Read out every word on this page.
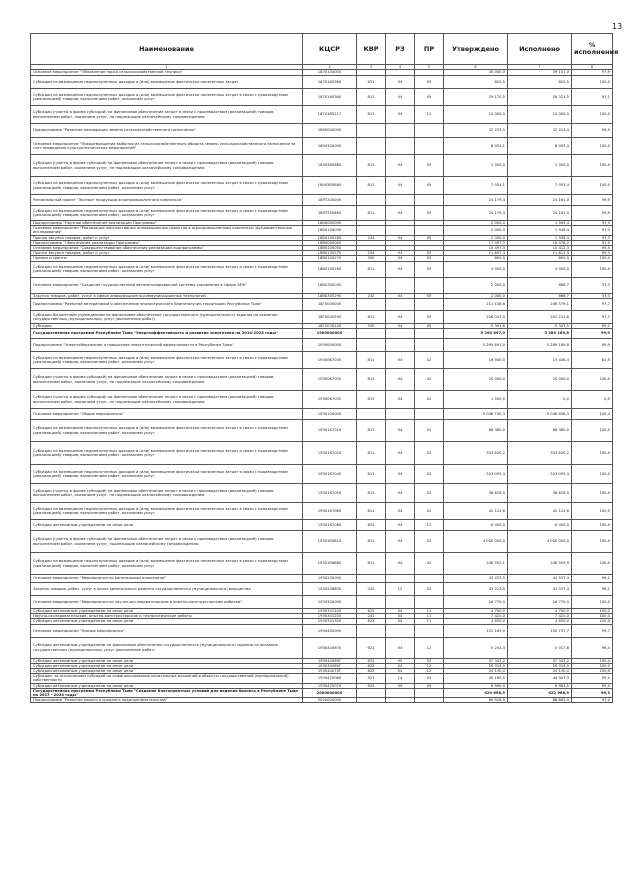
13
Наименование	КЦСР	КВР	РЗ	ПР	Утверждено	Исполнено	% исполнения
1	2	3	4	5	6	7	8
Основное мероприятие "Обновление парка сельскохозяйственной техники"	1870100000				40 000,0	39 151,0	97,9
Субсидии на возмещение недополученных доходов и (или) возмещение фактически понесенных затрат	1870160360	631	04	05	829,5	829,5	100,0
Субсидии на возмещение недополученных доходов и (или) возмещение фактически понесенных затрат в связи с производством (реализацией) товаров, выполнением работ, оказанием услуг	1870160360	811	04	05	29 170,5	28 321,5	97,1
Субсидии (гранты в форме субсидий) на финансовое обеспечение затрат в связи с производством (реализацией) товаров, выполнением работ, оказанием услуг, не подлежащие казначейскому сопровождению	18701R5217	813	04	12	10 000,0	10 000,0	100,0
Подпрограмма "Развитие мелиорации земель сельскохозяйственного назначения"	1890000000				32 233,5	32 214,4	99,9
Основное мероприятие "Предотвращение выбытия из сельскохозяйственного оборота земель сельскохозяйственного назначения за счет проведения культуртехнических мероприятий"	1890300000				8 054,1	8 053,4	100,0
Субсидии (гранты в форме субсидий) на финансовое обеспечение затрат в связи с производством (реализацией) товаров, выполнением работ, оказанием услуг, не подлежащие казначейскому сопровождению	1890365680	813	04	05	1 000,0	1 000,0	100,0
Субсидии на возмещение недополученных доходов и (или) возмещение фактически понесенных затрат в связи с производством (реализацией) товаров, выполнением работ, оказанием услуг	18903R5680	811	04	05	7 054,1	7 053,4	100,0
Региональный проект "Экспорт продукции агропромышленного комплекса"	189T200000				24 179,4	24 161,0	99,9
Субсидии на возмещение недополученных доходов и (или) возмещение фактически понесенных затрат в связи с производством (реализацией) товаров, выполнением работ, оказанием услуг	189T255680	811	04	05	24 179,4	24 161,0	99,9
Подпрограмма "Научное обеспечение реализации Программы"	18Б0000000				2 000,0	1 945,4	97,3
Основное мероприятие "Реализация перспективных инновационных проектов в агропромышленном комплексе; фундаментальные исследования"	18Б0100000				2 000,0	1 945,4	97,3
Прочая закупка товаров, работ и услуг	18Б0100280	244	04	05	2 000,0	1 945,4	97,3
Подпрограмма "Обеспечение реализации Программы"	18В0000000				17 497,3	16 078,0	91,9
Основное мероприятие "Совершенствование обеспечения реализации подпрограммы"	18В0100000				15 497,3	15 412,3	99,5
Прочая закупка товаров, работ и услуг	18В0100270	244	04	05	11 697,3	11 612,3	99,3
Премии и гранты	18В0100270	350	04	05	800,0	800,0	100,0
Субсидии на возмещение недополученных доходов и (или) возмещение фактически понесенных затрат в связи с производством (реализацией) товаров, выполнением работ, оказанием услуг	18В0100280	811	04	05	3 000,0	3 000,0	100,0
Основное мероприятие "Создание государственной автоматизированной системы управления в сфере АПК"	18В0300000				2 000,0	666,7	33,3
Закупка товаров, работ, услуг в сфере информационно-коммуникационных технологий	18В0300290	242	04	05	2 000,0	666,7	33,3
Подпрограмма "Развитие ветеринарии и обеспечение эпизоотического благополучия территории Республики Тыва"	18Г0000000				211 438,6	206 579,1	97,7
Субсидии бюджетным учреждениям на финансовое обеспечение государственного (муниципального) задания на оказание государственных (муниципальных) услуг (выполнение работ)	18Г0040590	611	04	05	206 047,0	201 231,6	97,7
Субсидии	18Г0076140	530	04	05	5 391,6	5 347,5	99,2
Государственная программа Республики Тыва "Энергоэффективность и развитие энергетики на 2014-2025 годы"	1900000000				5 295 897,0	5 289 189,8	99,9
Подпрограмма "Энергосбережение и повышение энергетической эффективности в Республике Тыва"	1930000000				5 295 897,0	5 289 189,8	99,9
Субсидии на возмещение недополученных доходов и (или) возмещение фактически понесенных затрат в связи с производством (реализацией) товаров, выполнением работ, оказанием услуг	1930067030	811	04	02	16 500,0	13 446,4	81,5
Субсидии (гранты в форме субсидий) на финансовое обеспечение затрат в связи с производством (реализацией) товаров, выполнением работ, оказанием услуг, не подлежащие казначейскому сопровождению	1930067030	813	04	02	20 000,0	20 000,0	100,0
Субсидии (гранты в форме субсидий) на финансовое обеспечение затрат в связи с производством (реализацией) товаров, выполнением работ, оказанием услуг, не подлежащие казначейскому сопровождению	1930067032	813	04	02	1 500,0	0,0	0,0
Основное мероприятие "Общие мероприятия"	1930100000				5 046 740,3	5 046 698,3	100,0
Субсидии на возмещение недополученных доходов и (или) возмещение фактически понесенных затрат в связи с производством (реализацией) товаров, выполнением работ, оказанием услуг	1930167010	811	04	02	86 360,0	86 360,0	100,0
Субсидии на возмещение недополученных доходов и (или) возмещение фактически понесенных затрат в связи с производством (реализацией) товаров, выполнением работ, оказанием услуг	1930167020	811	04	02	303 830,2	303 830,2	100,0
Субсидии на возмещение недополученных доходов и (или) возмещение фактически понесенных затрат в связи с производством (реализацией) товаров, выполнением работ, оказанием услуг	1930167040	811	04	02	323 055,4	323 055,4	100,0
Субсидии (гранты в форме субсидий) на финансовое обеспечение затрат в связи с производством (реализацией) товаров, выполнением работ, оказанием услуг, не подлежащие казначейскому сопровождению	1930167050	813	04	02	36 618,0	36 618,0	100,0
Субсидии на возмещение недополученных доходов и (или) возмещение фактически понесенных затрат в связи с производством (реализацией) товаров, выполнением работ, оказанием услуг	1930167060	811	04	02	42 124,8	42 124,8	100,0
Субсидии автономным учреждениям на иные цели	1930167080	622	04	12	6 400,0	6 400,0	100,0
Субсидии (гранты в форме субсидий) на финансовое обеспечение затрат в связи с производством (реализацией) товаров, выполнением работ, оказанием услуг, подлежащие казначейскому сопровождению	19301R5810	812	04	02	4 000 000,0	4 000 000,0	100,0
Субсидии на возмещение недополученных доходов и (или) возмещение фактически понесенных затрат в связи с производством (реализацией) товаров, выполнением работ, оказанием услуг	19301R6880	811	04	02	248 352,1	248 309,9	100,0
Основное мероприятие "Мероприятия по капитальным вложениям"	1930200000				43 223,5	41 537,4	96,1
Закупка товаров, работ, услуг в целях капитального ремонта государственного (муниципального) имущества	1930208830	243	12	02	43 223,5	41 537,4	96,1
Основное мероприятие "Мероприятия по научно-исследовательским и опытно-конструкторским работам"	1930300000				16 770,0	16 770,0	100,0
Субсидии автономным учреждениям на иные цели	1930341100	622	04	11	4 700,0	4 700,0	100,0
Научно-исследовательские, опытно-конструкторские и технологические работы	1930341200	241	04	11	7 420,0	7 420,0	100,0
Субсидии автономным учреждениям на иные цели	1930341300	622	04	11	4 650,0	4 650,0	100,0
Основное мероприятие "Прочие мероприятия"	1930400000				151 163,0	150 737,7	99,7
Субсидии автономным учреждениям на финансовое обеспечение государственного (муниципального) задания на оказание государственных (муниципальных) услуг (выполнение работ)	1930440670	621	04	12	5 204,4	5 017,8	96,4
Субсидии автономным учреждениям на иные цели	193044069Г	622	05	02	57 343,2	57 343,2	100,0
Субсидии автономным учреждениям на иные цели	193044069Г	622	04	12	10 314,9	10 314,9	100,0
Субсидии автономным учреждениям на иные цели	193044070Г	622	04	12	24 130,0	24 130,0	100,0
Субсидии, за исключением субсидий на софинансирование капитальных вложений в объекты государственной (муниципальной) собственности	1930475060	521	14	03	45 180,5	44 947,3	99,5
Субсидии автономным учреждениям на иные цели	1930475070	622	09	09	8 990,0	8 984,5	99,9
Государственная программа Республики Тыва "Создание благоприятных условий для ведения бизнеса в Республике Тыва на 2017 - 2024 годы"	2000000000				929 698,5	922 968,9	99,3
Подпрограмма "Развитие малого и среднего предпринимательства"	2020000000				89 516,9	86 863,9	97,0
